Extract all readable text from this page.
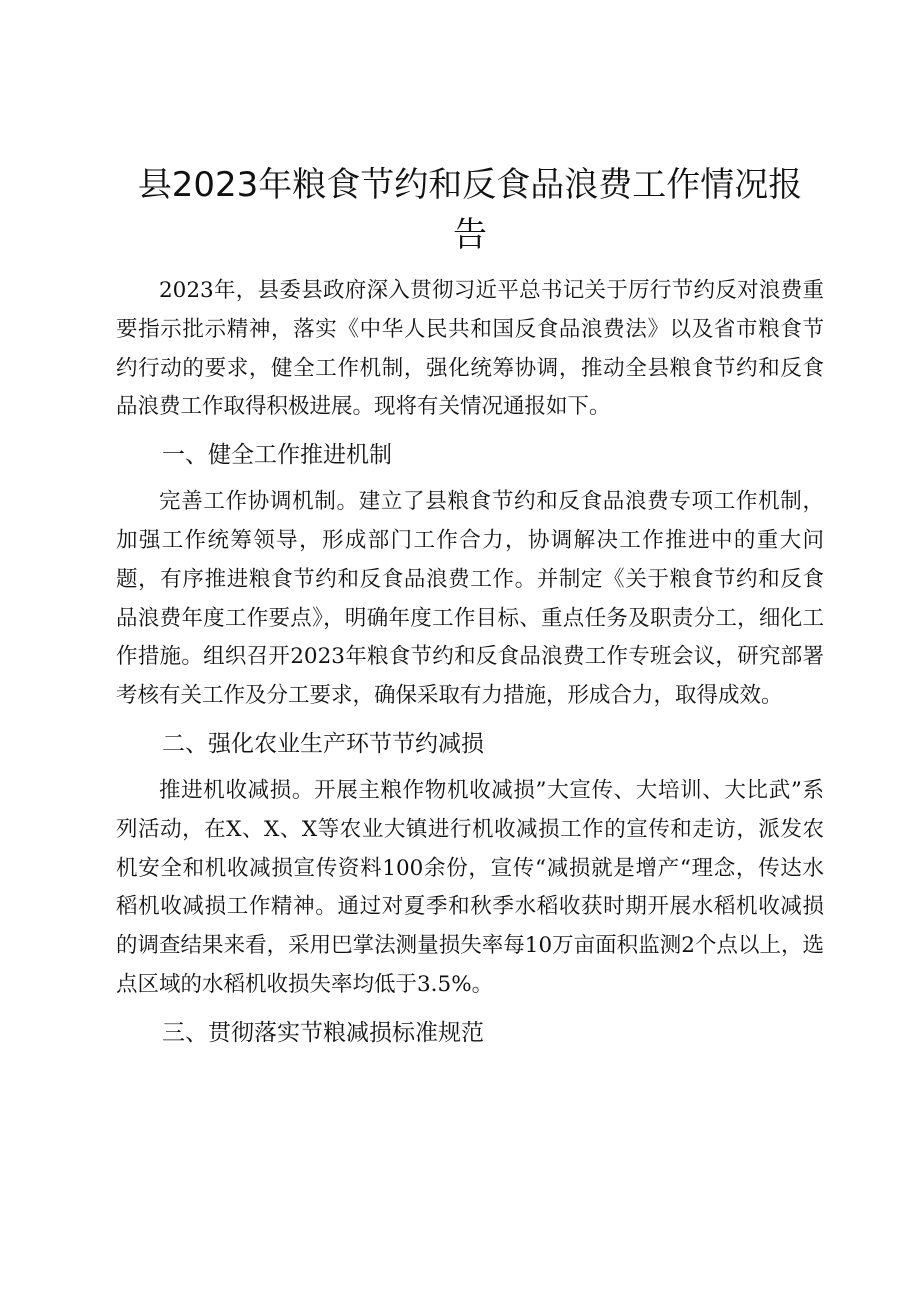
县2023年粮食节约和反食品浪费工作情况报告

2023年，县委县政府深入贯彻习近平总书记关于厉行节约反对浪费重要指示批示精神，落实《中华人民共和国反食品浪费法》以及省市粮食节约行动的要求，健全工作机制，强化统筹协调，推动全县粮食节约和反食品浪费工作取得积极进展。现将有关情况通报如下。

一、健全工作推进机制

完善工作协调机制。建立了县粮食节约和反食品浪费专项工作机制，加强工作统筹领导，形成部门工作合力，协调解决工作推进中的重大问题，有序推进粮食节约和反食品浪费工作。并制定《关于粮食节约和反食品浪费年度工作要点》，明确年度工作目标、重点任务及职责分工，细化工作措施。组织召开2023年粮食节约和反食品浪费工作专班会议，研究部署考核有关工作及分工要求，确保采取有力措施，形成合力，取得成效。

二、强化农业生产环节节约减损

推进机收减损。开展主粮作物机收减损”大宣传、大培训、大比武”系列活动，在X、X、X等农业大镇进行机收减损工作的宣传和走访，派发农机安全和机收减损宣传资料100余份，宣传“减损就是增产“理念，传达水稻机收减损工作精神。通过对夏季和秋季水稻收获时期开展水稻机收减损的调查结果来看，采用巴掌法测量损失率每10万亩面积监测2个点以上，选点区域的水稻机收损失率均低于3.5%。

三、贯彻落实节粮减损标准规范
